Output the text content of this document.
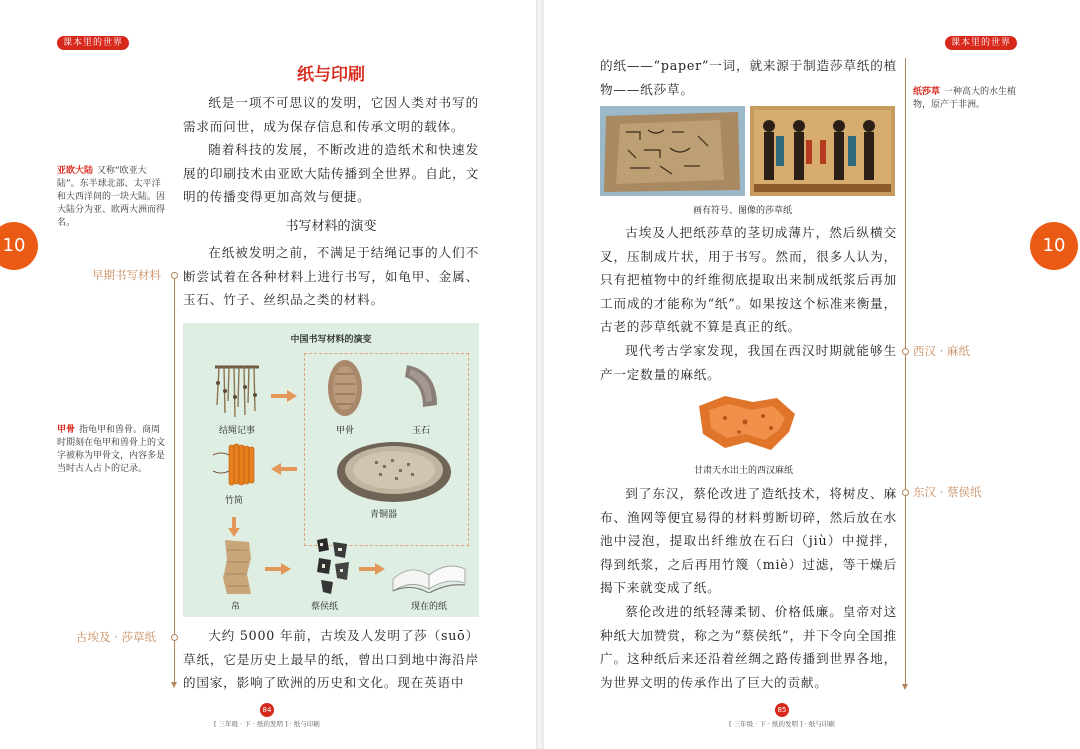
课本里的世界
10
纸与印刷

纸是一项不可思议的发明，它因人类对书写的需求而问世，成为保存信息和传承文明的载体。

随着科技的发展，不断改进的造纸术和快速发展的印刷技术由亚欧大陆传播到全世界。自此，文明的传播变得更加高效与便捷。

书写材料的演变

在纸被发明之前，不满足于结绳记事的人们不断尝试着在各种材料上进行书写，如龟甲、金属、玉石、竹子、丝织品之类的材料。

亚欧大陆 又称“欧亚大陆”。东半球北部、太平洋和大西洋间的一块大陆。因大陆分为亚、欧两大洲而得名。
甲骨 指龟甲和兽骨。商周时期刻在龟甲和兽骨上的文字被称为甲骨文，内容多是当时古人占卜的记录。
早期书写材料
古埃及 · 莎草纸
中国书写材料的演变
结绳记事	甲骨	玉石
竹简
青铜器
帛	蔡侯纸	现在的纸

大约 5000 年前，古埃及人发明了莎（suō）草纸，它是历史上最早的纸，曾出口到地中海沿岸的国家，影响了欧洲的历史和文化。现在英语中

84
[ 三年级 · 下 · 纸的发明 ] · 纸与印刷
课本里的世界
10

的纸——“paper”一词，就来源于制造莎草纸的植物——纸莎草。

画有符号、图像的莎草纸

古埃及人把纸莎草的茎切成薄片，然后纵横交叉，压制成片状，用于书写。然而，很多人认为，只有把植物中的纤维彻底提取出来制成纸浆后再加工而成的才能称为“纸”。如果按这个标准来衡量，古老的莎草纸就不算是真正的纸。

现代考古学家发现，我国在西汉时期就能够生产一定数量的麻纸。

甘肃天水出土的西汉麻纸

到了东汉，蔡伦改进了造纸技术，将树皮、麻布、渔网等便宜易得的材料剪断切碎，然后放在水池中浸泡，提取出纤维放在石臼（jiù）中搅拌，得到纸浆，之后再用竹篾（miè）过滤，等干燥后揭下来就变成了纸。

蔡伦改进的纸轻薄柔韧、价格低廉。皇帝对这种纸大加赞赏，称之为“蔡侯纸”，并下令向全国推广。这种纸后来还沿着丝绸之路传播到世界各地，为世界文明的传承作出了巨大的贡献。

纸莎草 一种高大的水生植物，原产于非洲。
西汉 · 麻纸
东汉 · 蔡侯纸
85
[ 三年级 · 下 · 纸的发明 ] · 纸与印刷
